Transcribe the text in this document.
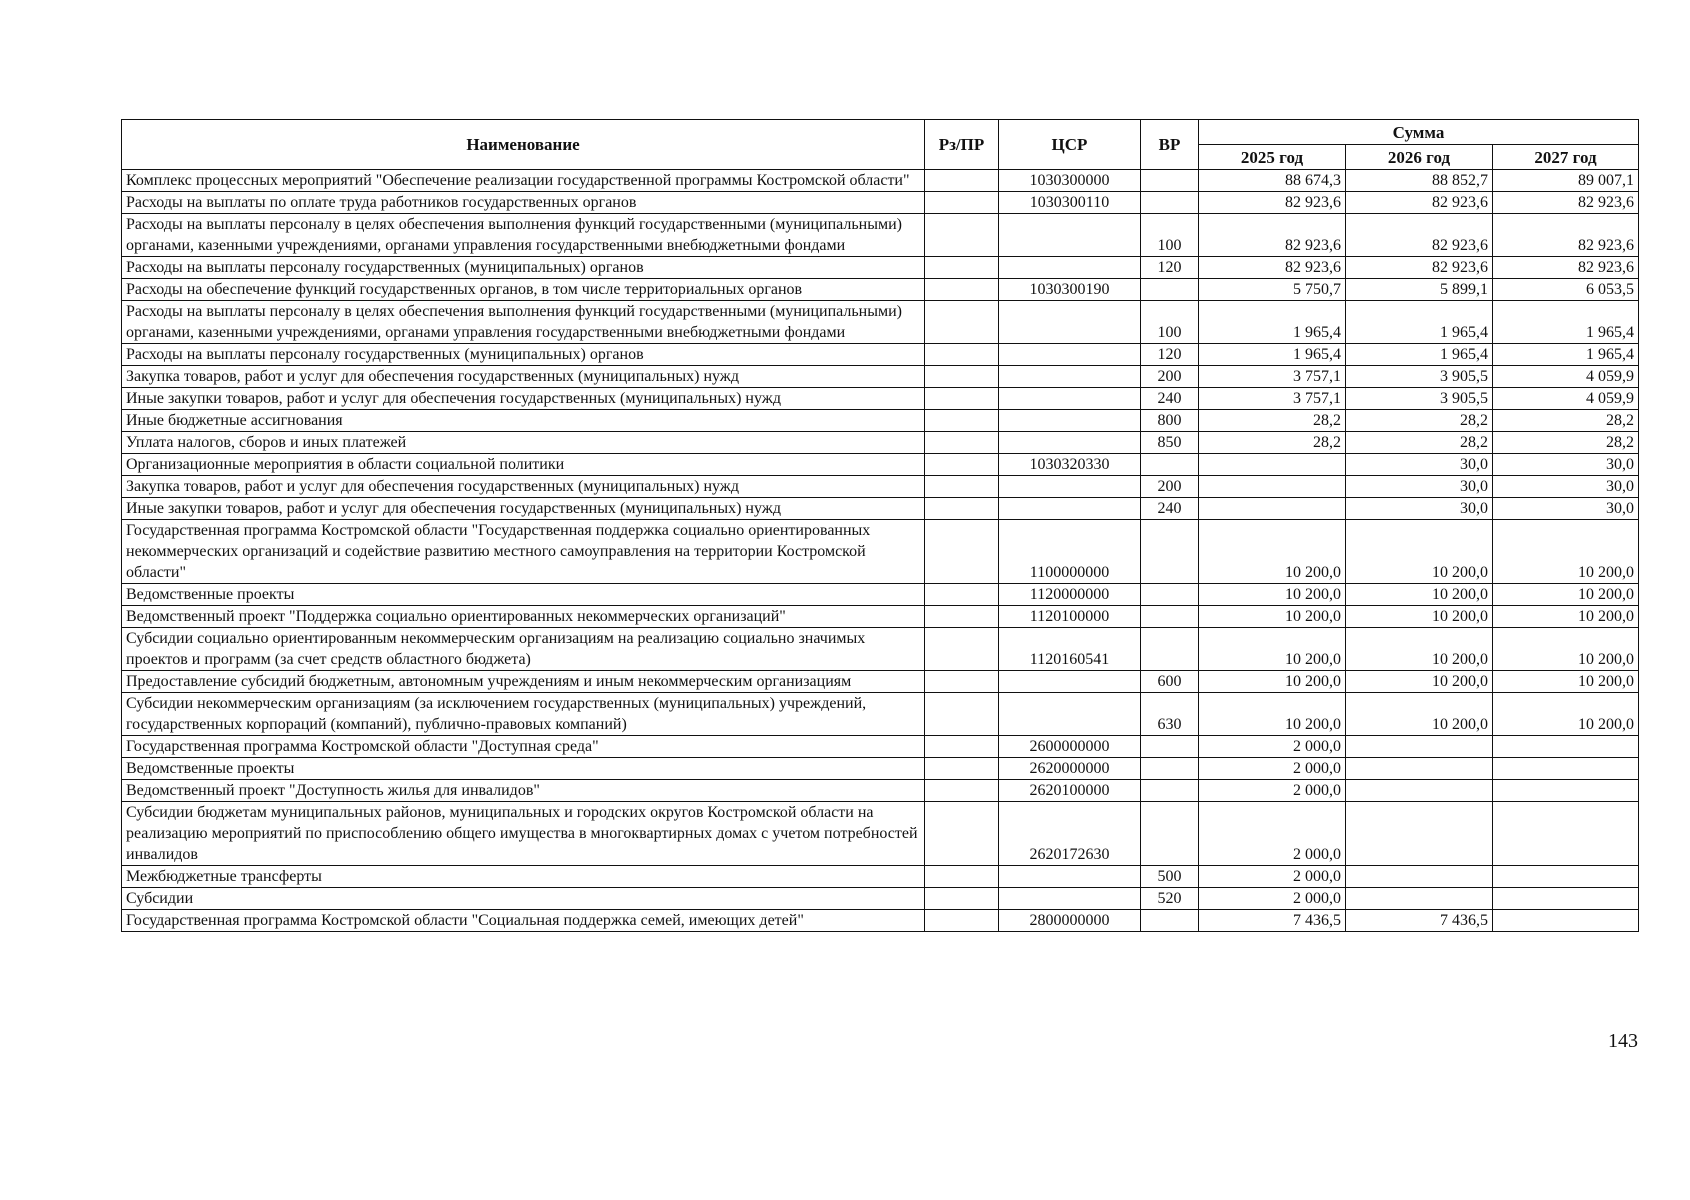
Наименование	Рз/ПР	ЦСР	ВР	Сумма		
				2025 год	2026 год	2027 год
Комплекс процессных мероприятий "Обеспечение реализации государственной программы Костромской области"		1030300000		88 674,3	88 852,7	89 007,1
Расходы на выплаты по оплате труда работников государственных органов		1030300110		82 923,6	82 923,6	82 923,6
Расходы на выплаты персоналу в целях обеспечения выполнения функций государственными (муниципальными) органами, казенными учреждениями, органами управления государственными внебюджетными фондами			100	82 923,6	82 923,6	82 923,6
Расходы на выплаты персоналу государственных (муниципальных) органов			120	82 923,6	82 923,6	82 923,6
Расходы на обеспечение функций государственных органов, в том числе территориальных органов		1030300190		5 750,7	5 899,1	6 053,5
Расходы на выплаты персоналу в целях обеспечения выполнения функций государственными (муниципальными) органами, казенными учреждениями, органами управления государственными внебюджетными фондами			100	1 965,4	1 965,4	1 965,4
Расходы на выплаты персоналу государственных (муниципальных) органов			120	1 965,4	1 965,4	1 965,4
Закупка товаров, работ и услуг для обеспечения государственных (муниципальных) нужд			200	3 757,1	3 905,5	4 059,9
Иные закупки товаров, работ и услуг для обеспечения государственных (муниципальных) нужд			240	3 757,1	3 905,5	4 059,9
Иные бюджетные ассигнования			800	28,2	28,2	28,2
Уплата налогов, сборов и иных платежей			850	28,2	28,2	28,2
Организационные мероприятия в области социальной политики		1030320330			30,0	30,0
Закупка товаров, работ и услуг для обеспечения государственных (муниципальных) нужд			200		30,0	30,0
Иные закупки товаров, работ и услуг для обеспечения государственных (муниципальных) нужд			240		30,0	30,0
Государственная программа Костромской области "Государственная поддержка социально ориентированных некоммерческих организаций и содействие развитию местного самоуправления на территории Костромской области"		1100000000		10 200,0	10 200,0	10 200,0
Ведомственные проекты		1120000000		10 200,0	10 200,0	10 200,0
Ведомственный проект "Поддержка социально ориентированных некоммерческих организаций"		1120100000		10 200,0	10 200,0	10 200,0
Субсидии социально ориентированным некоммерческим организациям на реализацию социально значимых проектов и программ (за счет средств областного бюджета)		1120160541		10 200,0	10 200,0	10 200,0
Предоставление субсидий бюджетным, автономным учреждениям и иным некоммерческим организациям			600	10 200,0	10 200,0	10 200,0
Субсидии некоммерческим организациям (за исключением государственных (муниципальных) учреждений, государственных корпораций (компаний), публично-правовых компаний)			630	10 200,0	10 200,0	10 200,0
Государственная программа Костромской области "Доступная среда"		2600000000		2 000,0		
Ведомственные проекты		2620000000		2 000,0		
Ведомственный проект "Доступность жилья для инвалидов"		2620100000		2 000,0		
Субсидии бюджетам муниципальных районов, муниципальных и городских округов Костромской области на реализацию мероприятий по приспособлению общего имущества в многоквартирных домах с учетом потребностей инвалидов		2620172630		2 000,0		
Межбюджетные трансферты			500	2 000,0		
Субсидии			520	2 000,0		
Государственная программа Костромской области "Социальная поддержка семей, имеющих детей"		2800000000		7 436,5	7 436,5	
143
